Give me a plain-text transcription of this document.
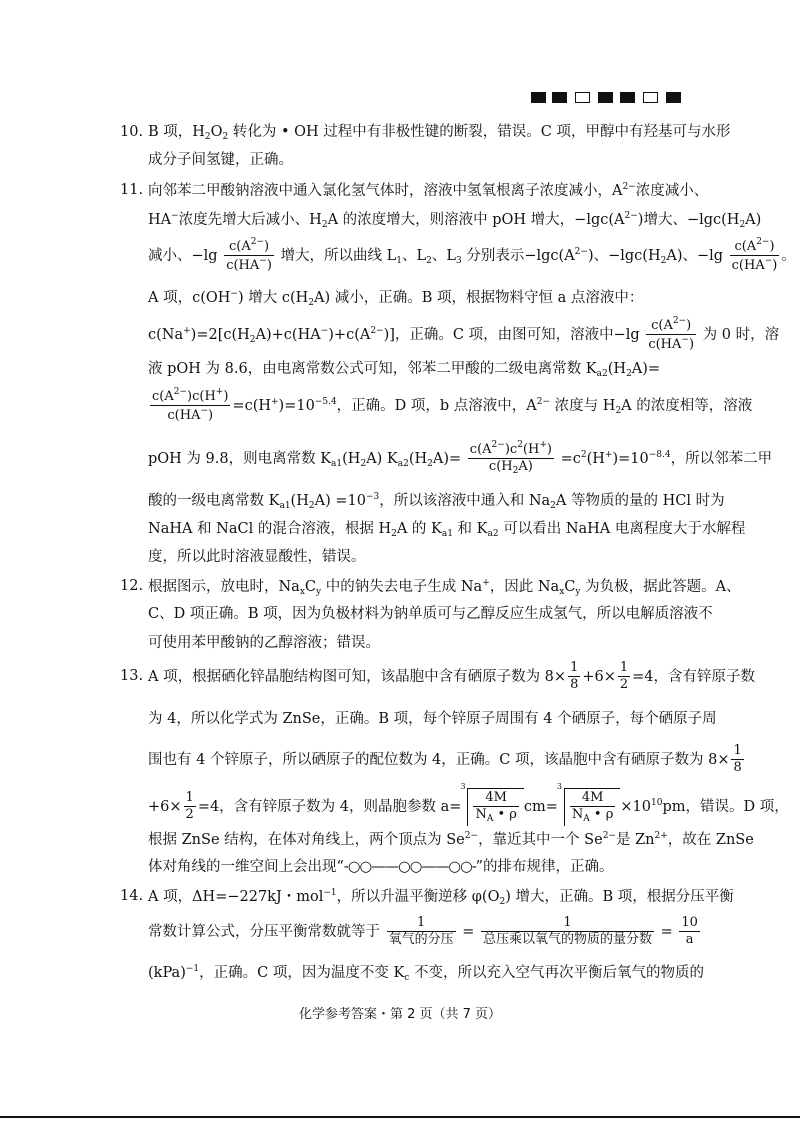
10. B 项，$H_2O_2$ 转化为 • OH 过程中有非极性键的断裂，错误。C 项，甲醇中有羟基可与水形
成分子间氢键，正确。
11. 向邻苯二甲酸钠溶液中通入氯化氢气体时，溶液中氢氧根离子浓度减小，$A^{2-}$浓度减小、
HA−浓度先增大后减小、$H_2A$ 的浓度增大，则溶液中 pOH 增大，$-\lg c(A^{2-})$增大、$-\lg c(H_2A)$
减小、$-\lg \frac{c(A^{2-})}{c(HA^-)}$ 增大，所以曲线 $L_1$、$L_2$、$L_3$ 分别表示$-\lg c(A^{2-})$、$-\lg c(H_2A)$、$-\lg \frac{c(A^{2-})}{c(HA^-)}$ 。
A 项，c(OH−) 增大 $c(H_2A)$ 减小，正确。B 项，根据物料守恒 a 点溶液中：
$c(Na^+)=2[c(H_2A)+c(HA^-)+c(A^{2-})]$，正确。C 项，由图可知，溶液中$-\lg \frac{c(A^{2-})}{c(HA^-)}$ 为 0 时，溶
液 pOH 为 8.6，由电离常数公式可知，邻苯二甲酸的二级电离常数 $K_{a2}(H_2A)=$
$\frac{c(A^{2-})c(H^+)}{c(HA^-)} =c(H^+)=10^{-5.4}$，正确。D 项，b 点溶液中，$A^{2-}$ 浓度与 $H_2A$ 的浓度相等，溶液
pOH 为 9.8，则电离常数 $K_{a1}(H_2A)$ $K_{a2}(H_2A)= \frac{c(A^{2-})c^2(H^+)}{c(H_2A)} =c^2(H^+)=10^{-8.4}$，所以邻苯二甲
酸的一级电离常数 $K_{a1}(H_2A) =10^{-3}$，所以该溶液中通入和 $Na_2A$ 等物质的量的 HCl 时为
NaHA 和 NaCl 的混合溶液，根据 $H_2A$ 的 $K_{a1}$ 和 $K_{a2}$ 可以看出 NaHA 电离程度大于水解程
度，所以此时溶液显酸性，错误。
12. 根据图示，放电时，$Na_xC_y$ 中的钠失去电子生成 Na+，因此 $Na_xC_y$ 为负极，据此答题。A、
C、D 项正确。B 项，因为负极材料为钠单质可与乙醇反应生成氢气，所以电解质溶液不
可使用苯甲酸钠的乙醇溶液；错误。
13. A 项，根据硒化锌晶胞结构图可知，该晶胞中含有硒原子数为 $8\times \frac{1}{8} +6\times \frac{1}{2} =4$，含有锌原子数
为 4，所以化学式为 ZnSe，正确。B 项，每个锌原子周围有 4 个硒原子，每个硒原子周
围也有 4 个锌原子，所以硒原子的配位数为 4，正确。C 项，该晶胞中含有硒原子数为 $8\times \frac{1}{8}$
$+6\times \frac{1}{2} =4$，含有锌原子数为 4，则晶胞参数 a=
$3 \frac{4M}{N_A • \rho} cm=$
$3 \frac{4M}{N_A • \rho} \times 10^{10}pm$，错误。D 项，
根据 ZnSe 结构，在体对角线上，两个顶点为 $Se^{2-}$，靠近其中一个 $Se^{2-}$是 $Zn^{2+}$，故在 ZnSe
体对角线的一维空间上会出现“-○○——○○——○○-”的排布规律，正确。
14. A 项，ΔH=−227kJ・mol$^{-1}$，所以升温平衡逆移 $\varphi(O_2)$ 增大，正确。B 项，根据分压平衡
常数计算公式，分压平衡常数就等于 $\frac{1}{\text{氧气的分压}} = \frac{1}{\text{总压乘以氧气的物质的量分数}} = \frac{10}{a}$
(kPa)$^{-1}$，正确。C 项，因为温度不变 $K_c$ 不变，所以充入空气再次平衡后氧气的物质的
化学参考答案・第 2 页（共 7 页）
